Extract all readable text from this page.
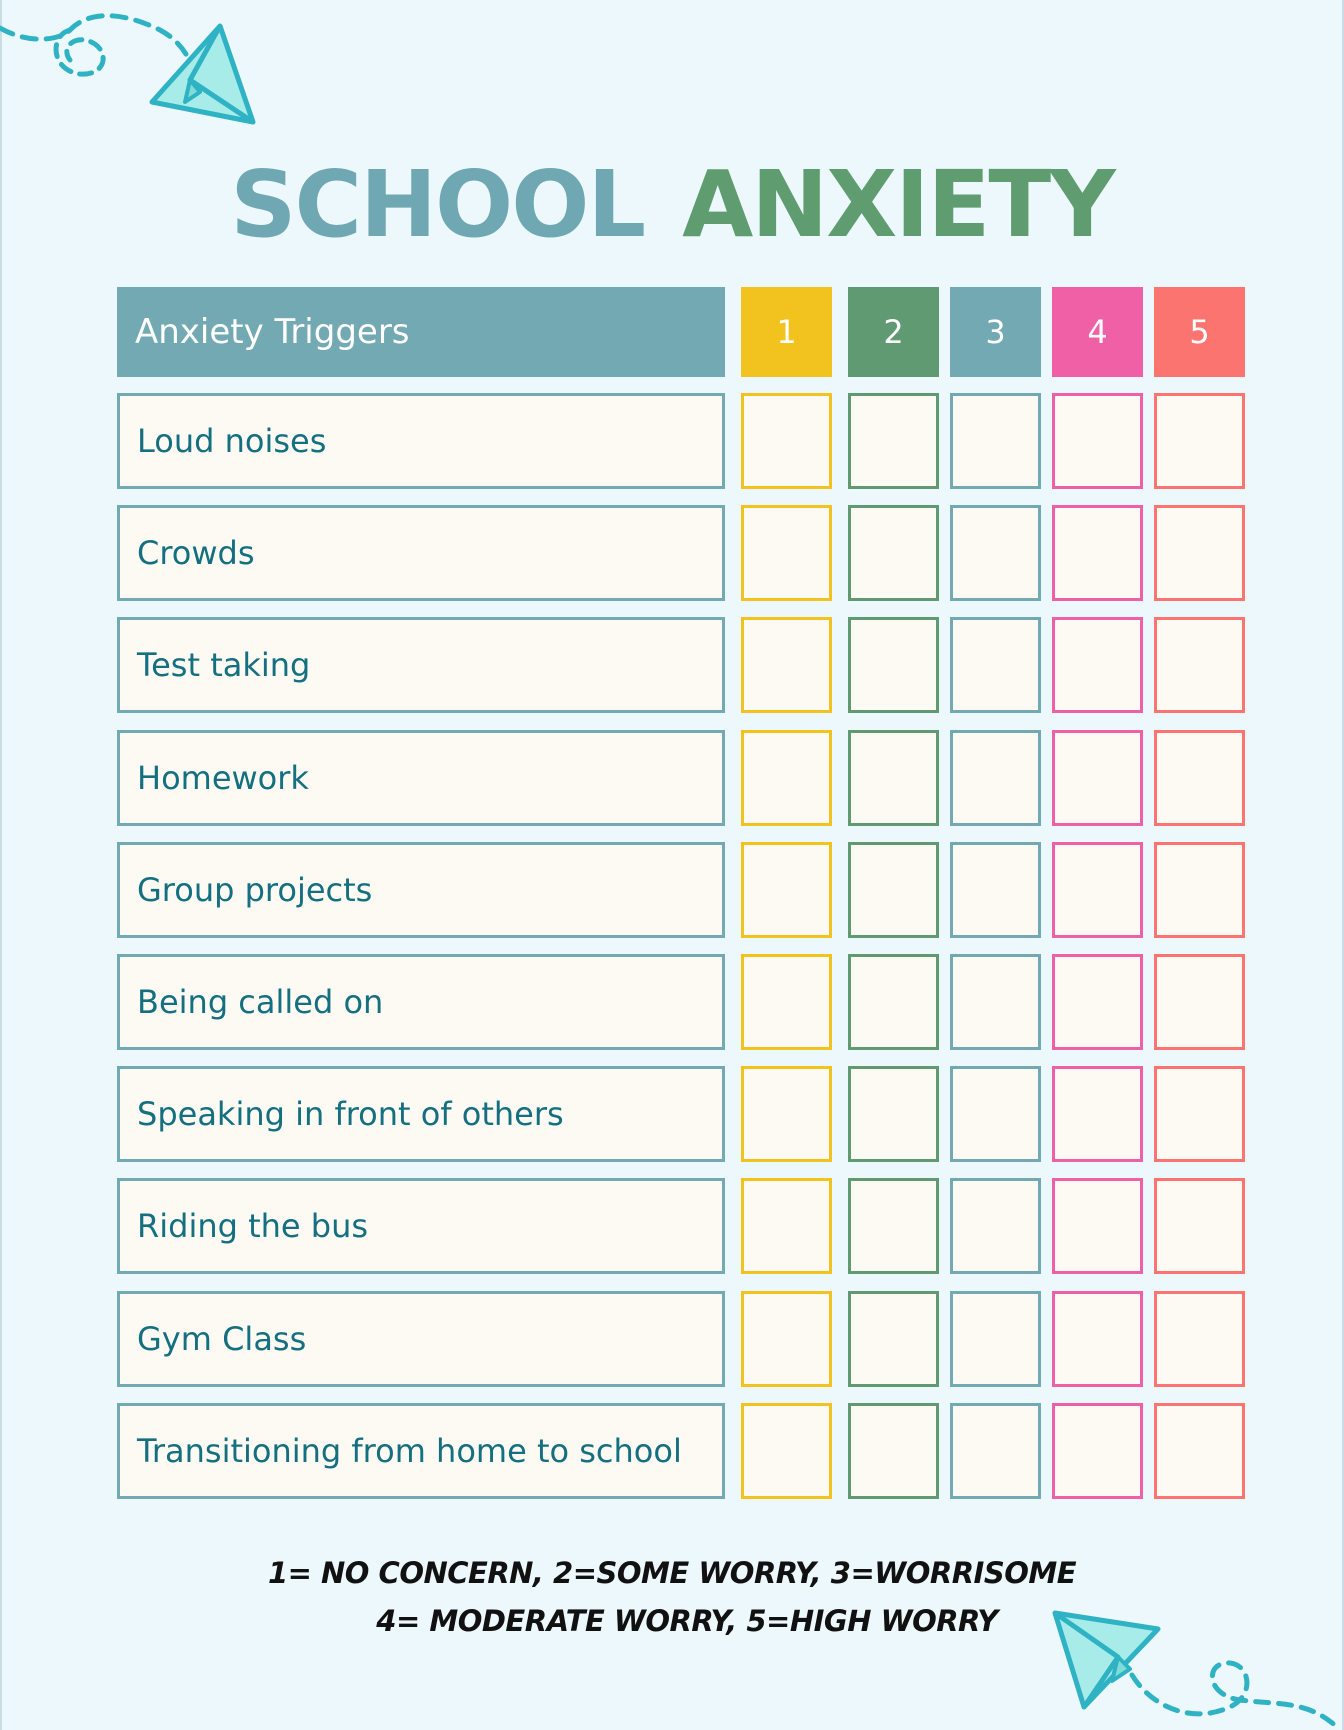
SCHOOL ANXIETY
Anxiety Triggers	1	2	3	4	5
Loud noises
Crowds
Test taking
Homework
Group projects
Being called on
Speaking in front of others
Riding the bus
Gym Class
Transitioning from home to school
1= NO CONCERN, 2=SOME WORRY, 3=WORRISOME
4= MODERATE WORRY, 5=HIGH WORRY
